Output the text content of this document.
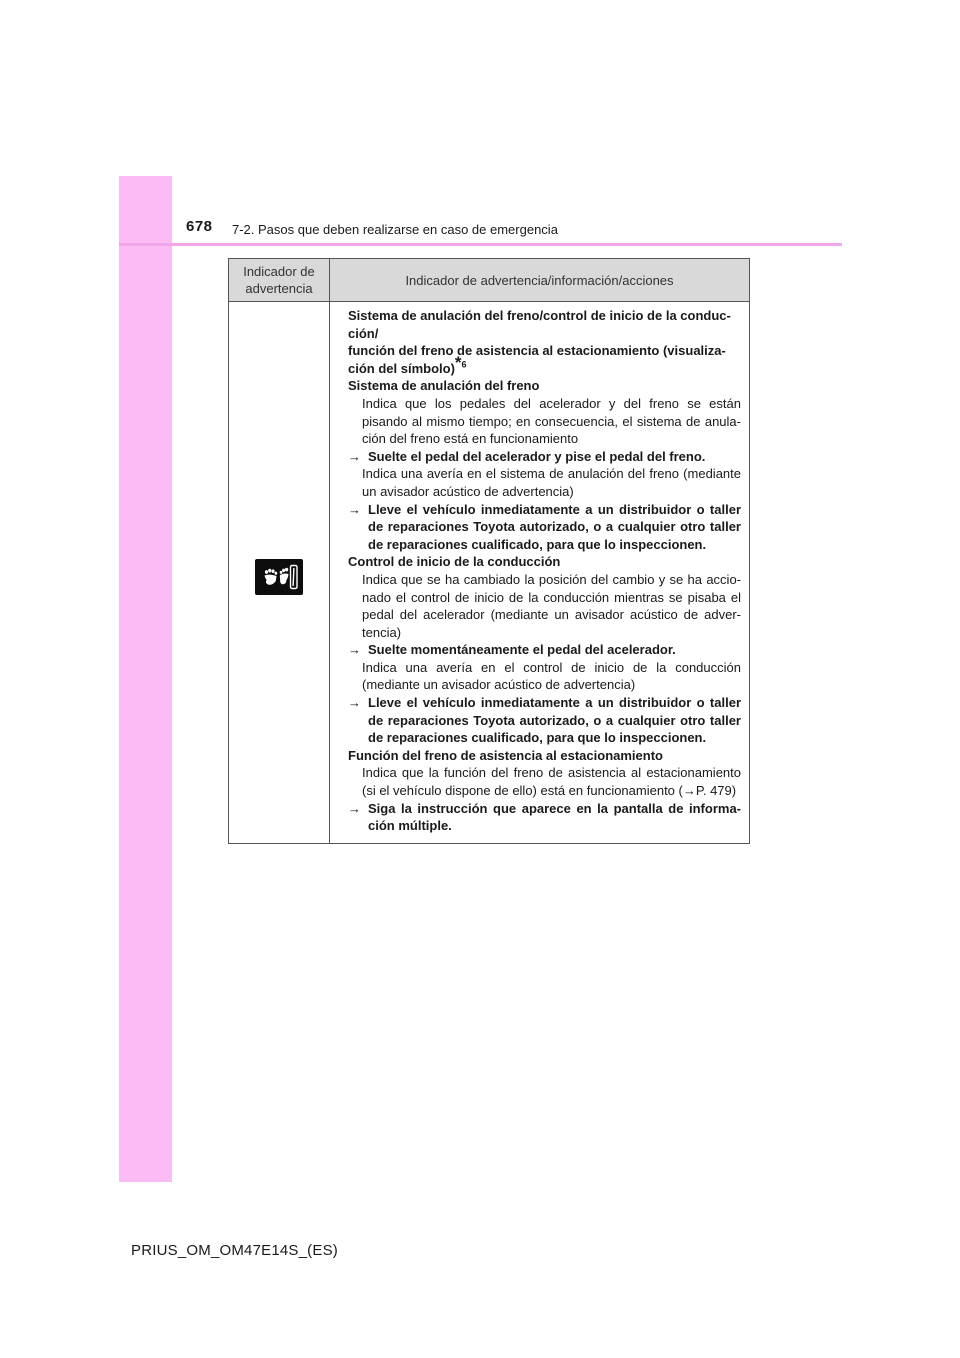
678 7-2. Pasos que deben realizarse en caso de emergencia
Indicador de
advertencia
Indicador de advertencia/información/acciones

Sistema de anulación del freno/control de inicio de la conduc-
ción/
función del freno de asistencia al estacionamiento (visualiza-
ción del símbolo)*$^6$

Sistema de anulación del freno

Indica que los pedales del acelerador y del freno se están pisando al mismo tiempo; en consecuencia, el sistema de anula- ción del freno está en funcionamiento

→ Suelte el pedal del acelerador y pise el pedal del freno.

Indica una avería en el sistema de anulación del freno (mediante un avisador acústico de advertencia)

→ Lleve el vehículo inmediatamente a un distribuidor o taller de reparaciones Toyota autorizado, o a cualquier otro taller de reparaciones cualificado, para que lo inspeccionen.

Control de inicio de la conducción

Indica que se ha cambiado la posición del cambio y se ha accio-nado el control de inicio de la conducción mientras se pisaba el pedal del acelerador (mediante un avisador acústico de adver-tencia)

→ Suelte momentáneamente el pedal del acelerador.

Indica una avería en el control de inicio de la conducción (mediante un avisador acústico de advertencia)

→ Lleve el vehículo inmediatamente a un distribuidor o taller de reparaciones Toyota autorizado, o a cualquier otro taller de reparaciones cualificado, para que lo inspeccionen.

Función del freno de asistencia al estacionamiento

Indica que la función del freno de asistencia al estacionamiento (si el vehículo dispone de ello) está en funcionamiento (→P. 479)

→ Siga la instrucción que aparece en la pantalla de informa-ción múltiple.

PRIUS_OM_OM47E14S_(ES)
